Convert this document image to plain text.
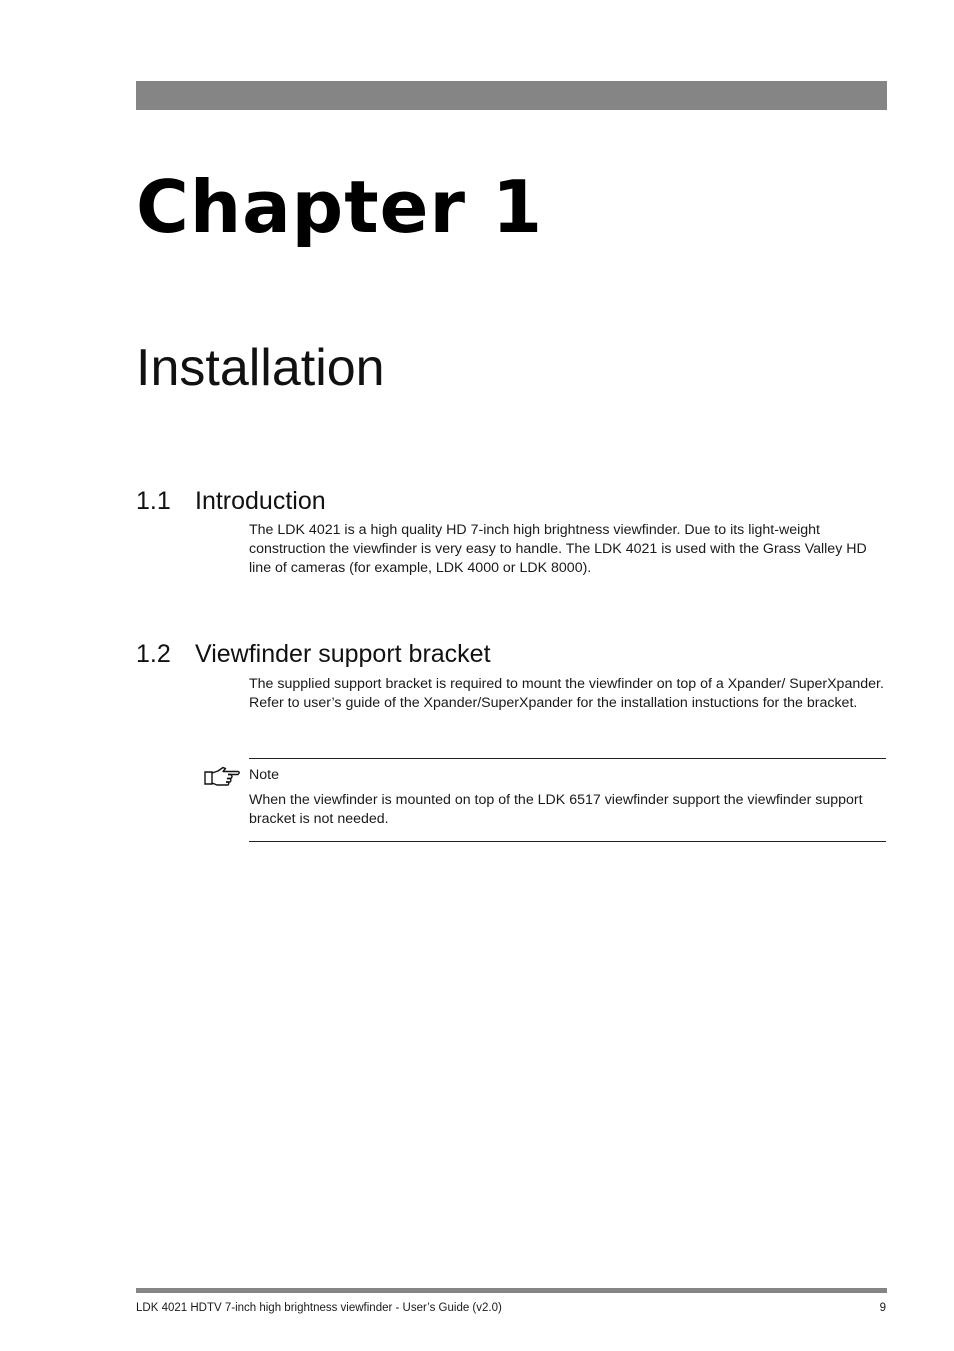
Chapter 1
Installation
1.1 Introduction

The LDK 4021 is a high quality HD 7-inch high brightness viewfinder. Due to its light-weight construction the viewfinder is very easy to handle. The LDK 4021 is used with the Grass Valley HD line of cameras (for example, LDK 4000 or LDK 8000).

1.2 Viewfinder support bracket

The supplied support bracket is required to mount the viewfinder on top of a Xpander/ SuperXpander. Refer to user’s guide of the Xpander/SuperXpander for the installation instuctions for the bracket.

Note

When the viewfinder is mounted on top of the LDK 6517 viewfinder support the viewfinder support bracket is not needed.

LDK 4021 HDTV 7-inch high brightness viewfinder - User’s Guide (v2.0)	9
